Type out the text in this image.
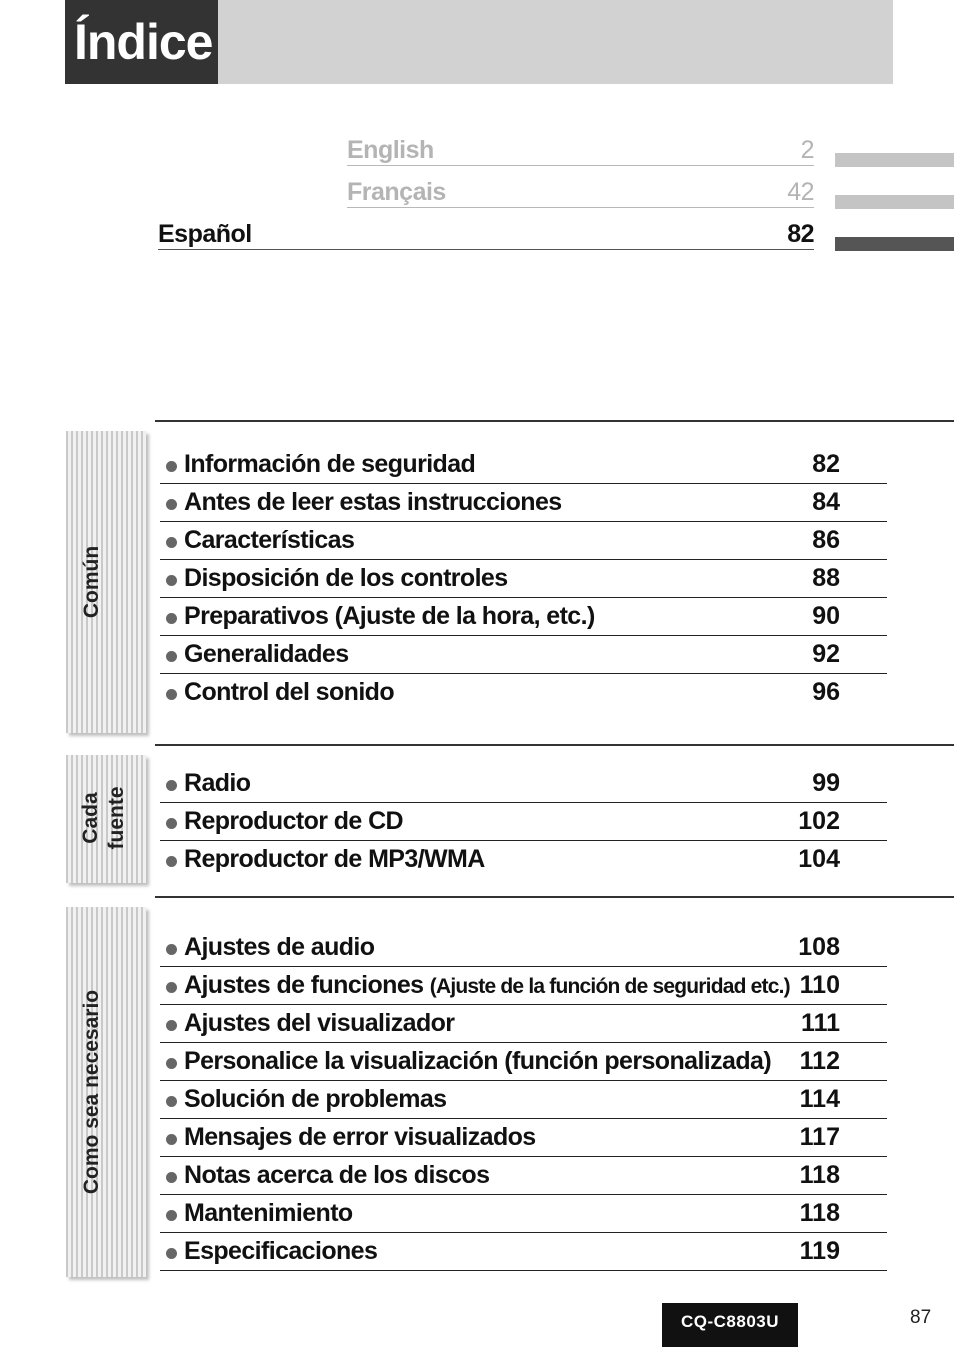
Índice
English	2
Français	42
Español	82
Común
Información de seguridad	82
Antes de leer estas instrucciones	84
Características	86
Disposición de los controles	88
Preparativos (Ajuste de la hora, etc.)	90
Generalidades	92
Control del sonido	96
Cada fuente
Radio	99
Reproductor de CD	102
Reproductor de MP3/WMA	104
Como sea necesario
Ajustes de audio	108
Ajustes de funciones (Ajuste de la función de seguridad etc.) 110
Ajustes del visualizador	111
Personalice la visualización (función personalizada) 112
Solución de problemas	114
Mensajes de error visualizados	117
Notas acerca de los discos	118
Mantenimiento	118
Especificaciones	119
CQ-C8803U	87
